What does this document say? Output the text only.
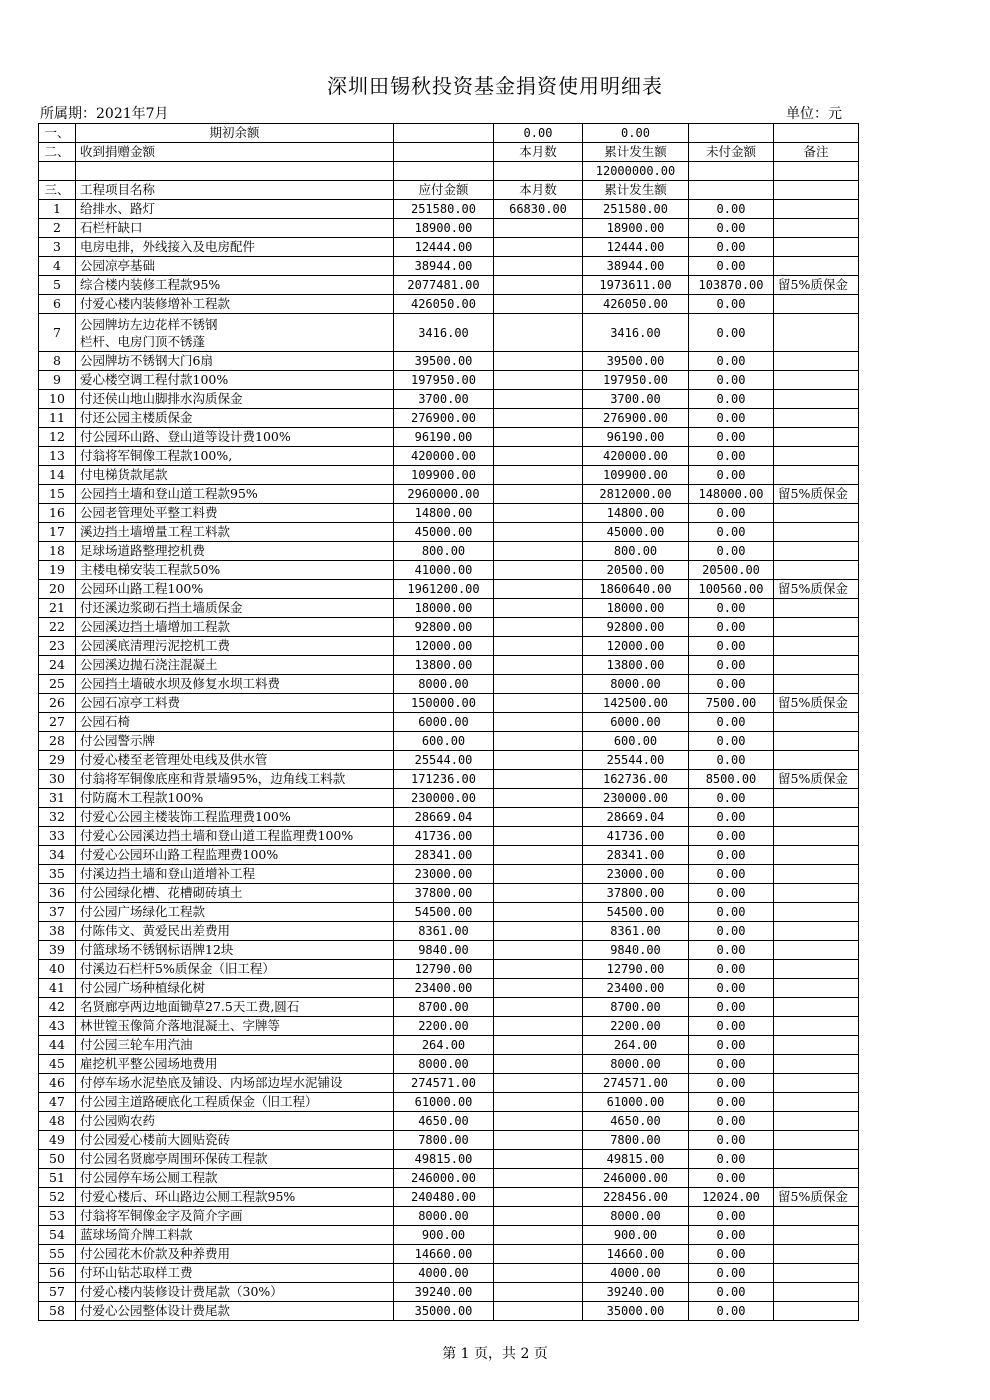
深圳田锡秋投资基金捐资使用明细表
所属期：2021年7月	单位：元
一、	期初余额		0.00	0.00		
二、	收到捐赠金额		本月数	累计发生额	未付金额	备注
				12000000.00		
三、	工程项目名称	应付金额	本月数	累计发生额		
1	给排水、路灯	251580.00	66830.00	251580.00	0.00	
2	石栏杆缺口	18900.00		18900.00	0.00	
3	电房电排，外线接入及电房配件	12444.00		12444.00	0.00	
4	公园凉亭基础	38944.00		38944.00	0.00	
5	综合楼内装修工程款95%	2077481.00		1973611.00	103870.00	留5%质保金
6	付爱心楼内装修增补工程款	426050.00		426050.00	0.00	
7	公园牌坊左边花样不锈钢
栏杆、电房门顶不锈蓬	3416.00		3416.00	0.00	
8	公园牌坊不锈钢大门6扇	39500.00		39500.00	0.00	
9	爱心楼空调工程付款100%	197950.00		197950.00	0.00	
10	付还侯山地山脚排水沟质保金	3700.00		3700.00	0.00	
11	付还公园主楼质保金	276900.00		276900.00	0.00	
12	付公园环山路、登山道等设计费100%	96190.00		96190.00	0.00	
13	付翁将军铜像工程款100%,	420000.00		420000.00	0.00	
14	付电梯货款尾款	109900.00		109900.00	0.00	
15	公园挡土墙和登山道工程款95%	2960000.00		2812000.00	148000.00	留5%质保金
16	公园老管理处平整工料费	14800.00		14800.00	0.00	
17	溪边挡土墙增量工程工料款	45000.00		45000.00	0.00	
18	足球场道路整理挖机费	800.00		800.00	0.00	
19	主楼电梯安装工程款50%	41000.00		20500.00	20500.00	
20	公园环山路工程100%	1961200.00		1860640.00	100560.00	留5%质保金
21	付还溪边浆砌石挡土墙质保金	18000.00		18000.00	0.00	
22	公园溪边挡土墙增加工程款	92800.00		92800.00	0.00	
23	公园溪底清理污泥挖机工费	12000.00		12000.00	0.00	
24	公园溪边抛石浇注混凝土	13800.00		13800.00	0.00	
25	公园挡土墙破水坝及修复水坝工料费	8000.00		8000.00	0.00	
26	公园石凉亭工料费	150000.00		142500.00	7500.00	留5%质保金
27	公园石椅	6000.00		6000.00	0.00	
28	付公园警示牌	600.00		600.00	0.00	
29	付爱心楼至老管理处电线及供水管	25544.00		25544.00	0.00	
30	付翁将军铜像底座和背景墙95%，边角线工料款	171236.00		162736.00	8500.00	留5%质保金
31	付防腐木工程款100%	230000.00		230000.00	0.00	
32	付爱心公园主楼装饰工程监理费100%	28669.04		28669.04	0.00	
33	付爱心公园溪边挡土墙和登山道工程监理费100%	41736.00		41736.00	0.00	
34	付爱心公园环山路工程监理费100%	28341.00		28341.00	0.00	
35	付溪边挡土墙和登山道增补工程	23000.00		23000.00	0.00	
36	付公园绿化槽、花槽砌砖填土	37800.00		37800.00	0.00	
37	付公园广场绿化工程款	54500.00		54500.00	0.00	
38	付陈伟文、黄爱民出差费用	8361.00		8361.00	0.00	
39	付篮球场不锈钢标语牌12块	9840.00		9840.00	0.00	
40	付溪边石栏杆5%质保金（旧工程）	12790.00		12790.00	0.00	
41	付公园广场种植绿化树	23400.00		23400.00	0.00	
42	名贤廊亭两边地面锄草27.5天工费,圆石	8700.00		8700.00	0.00	
43	林世镗玉像简介落地混凝土、字牌等	2200.00		2200.00	0.00	
44	付公园三轮车用汽油	264.00		264.00	0.00	
45	雇挖机平整公园场地费用	8000.00		8000.00	0.00	
46	付停车场水泥垫底及铺设、内场部边埕水泥铺设	274571.00		274571.00	0.00	
47	付公园主道路硬底化工程质保金（旧工程）	61000.00		61000.00	0.00	
48	付公园购农药	4650.00		4650.00	0.00	
49	付公园爱心楼前大圆贴瓷砖	7800.00		7800.00	0.00	
50	付公园名贤廊亭周围环保砖工程款	49815.00		49815.00	0.00	
51	付公园停车场公厕工程款	246000.00		246000.00	0.00	
52	付爱心楼后、环山路边公厕工程款95%	240480.00		228456.00	12024.00	留5%质保金
53	付翁将军铜像金字及简介字画	8000.00		8000.00	0.00	
54	蓝球场简介牌工料款	900.00		900.00	0.00	
55	付公园花木价款及种养费用	14660.00		14660.00	0.00	
56	付环山钻芯取样工费	4000.00		4000.00	0.00	
57	付爱心楼内装修设计费尾款（30%）	39240.00		39240.00	0.00	
58	付爱心公园整体设计费尾款	35000.00		35000.00	0.00	
第 1 页，共 2 页
